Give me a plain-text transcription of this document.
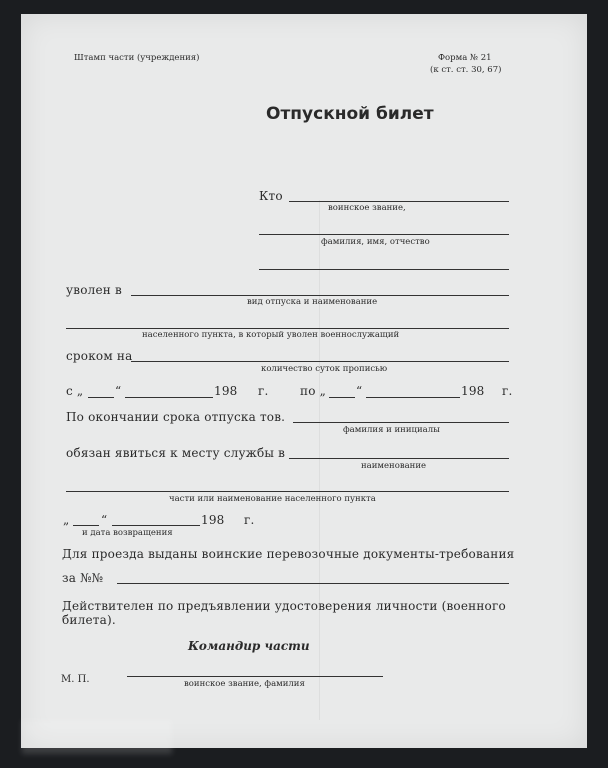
Штамп части (учреждения)	Форма № 21
(к ст. ст. 30, 67)
Отпускной билет
Кто
воинское звание,
фамилия, имя, отчество
уволен в
вид отпуска и наименование
населенного пункта, в который уволен военнослужащий
сроком на
количество суток прописью
с „	“	198 г.	по „ “	198 г.
По окончании срока отпуска тов.
фамилия и инициалы
обязан явиться к месту службы в
наименование
части или наименование населенного пункта
„	“	198 г.
и дата возвращения
Для проезда выданы воинские перевозочные документы-требования
за №№
Действителен по предъявлении удостоверения личности (военного
билета).
Командир части
М. П.	воинское звание, фамилия
